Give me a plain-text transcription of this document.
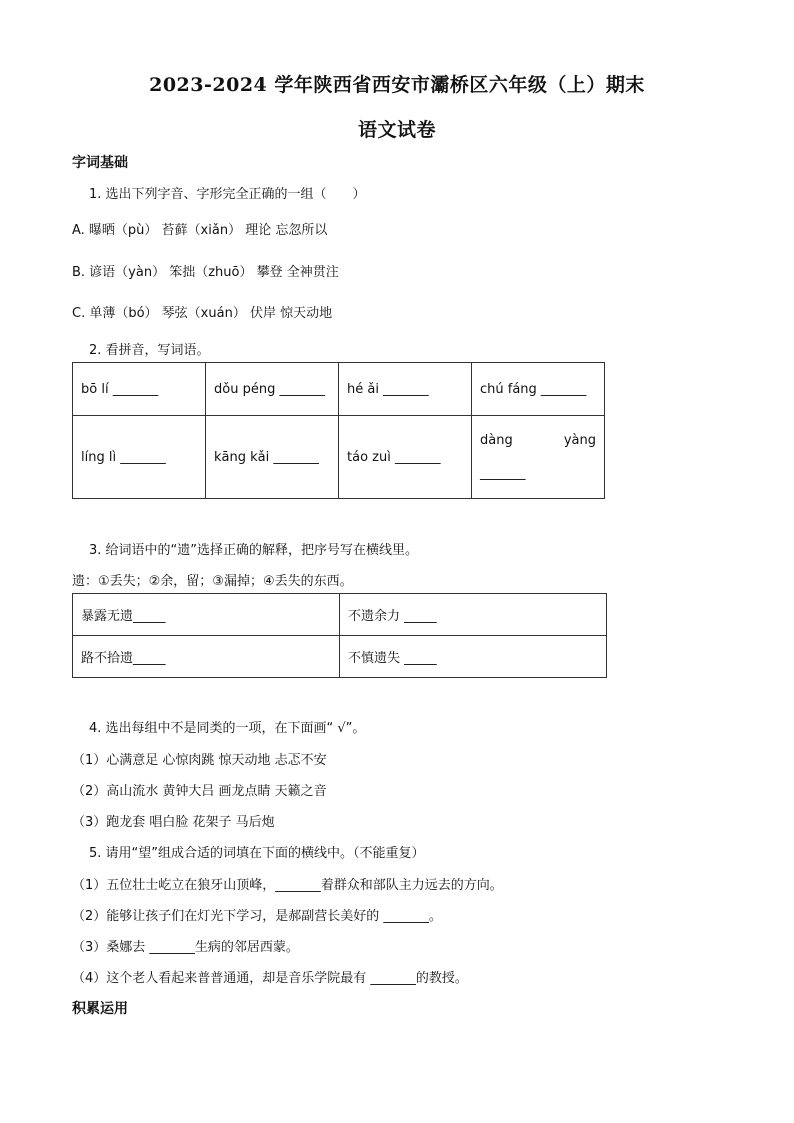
2023-2024 学年陕西省西安市灞桥区六年级（上）期末
语文试卷
字词基础
1. 选出下列字音、字形完全正确的一组（　　）
A. 曝晒（pù） 苔藓（xiǎn） 理论 忘忽所以
B. 谚语（yàn） 笨拙（zhuō） 攀登 全神贯注
C. 单薄（bó） 琴弦（xuán） 伏岸 惊天动地
2. 看拼音，写词语。
bō lí _______	dǒu péng _______	hé ǎi _______	chú fáng _______
líng lì _______	kāng kǎi _______	táo zuì _______	dàng yàng
_______
3. 给词语中的“遗”选择正确的解释，把序号写在横线里。
遗：①丢失；②余，留；③漏掉；④丢失的东西。
暴露无遗_____	不遗余力 _____
路不拾遗_____	不慎遗失 _____
4. 选出每组中不是同类的一项，在下面画“ √”。
（1）心满意足 心惊肉跳 惊天动地 忐忑不安
（2）高山流水 黄钟大吕 画龙点睛 天籁之音
（3）跑龙套 唱白脸 花架子 马后炮
5. 请用“望”组成合适的词填在下面的横线中。（不能重复）
（1）五位壮士屹立在狼牙山顶峰，_______着群众和部队主力远去的方向。
（2）能够让孩子们在灯光下学习，是郝副营长美好的 _______。
（3）桑娜去 _______生病的邻居西蒙。
（4）这个老人看起来普普通通，却是音乐学院最有 _______的教授。
积累运用
